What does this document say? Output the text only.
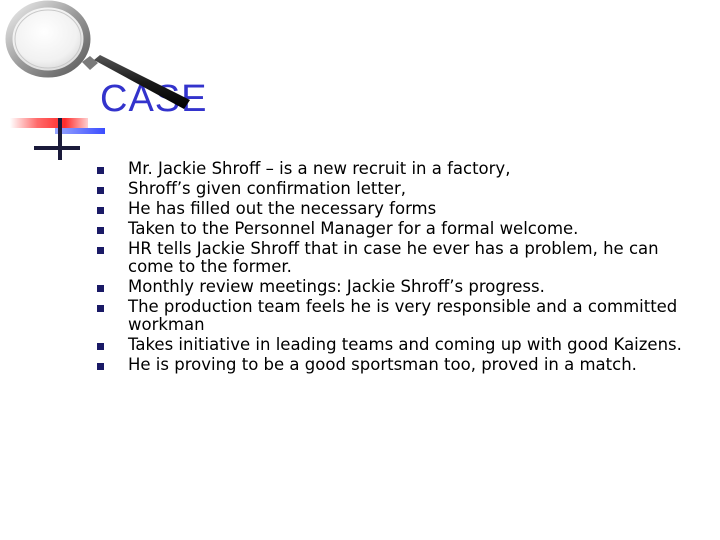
CASE
Mr. Jackie Shroff – is a new recruit in a factory,
Shroff’s given confirmation letter,
He has filled out the necessary forms
Taken to the Personnel Manager for a formal welcome.
HR tells Jackie Shroff that in case he ever has a problem, he can come to the former.
Monthly review meetings: Jackie Shroff’s progress.
The production team feels he is very responsible and a committed workman
Takes initiative in leading teams and coming up with good Kaizens.
He is proving to be a good sportsman too, proved in a match.
